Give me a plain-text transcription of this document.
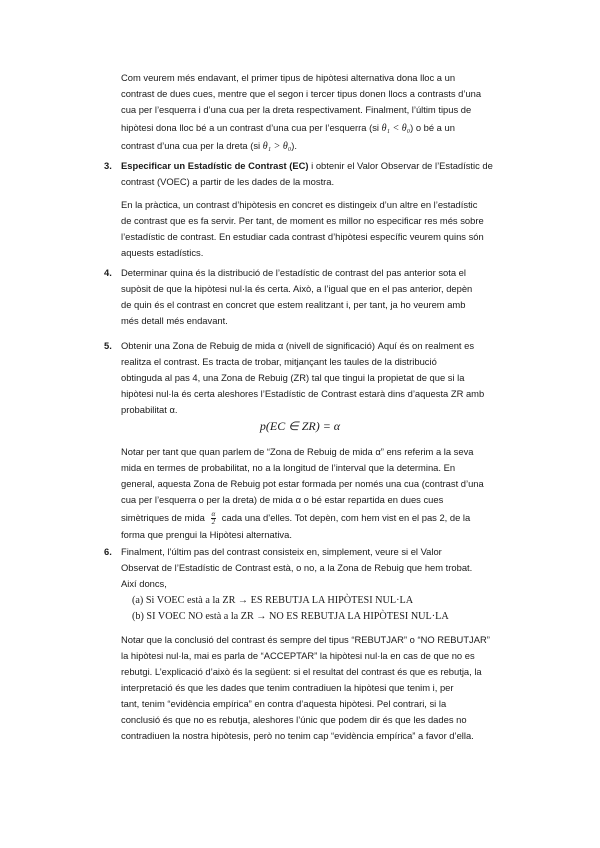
Com veurem més endavant, el primer tipus de hipòtesi alternativa dona lloc a un

contrast de dues cues, mentre que el segon i tercer tipus donen llocs a contrasts d’una

cua per l’esquerra i d’una cua per la dreta respectivament. Finalment, l’últim tipus de

hipòtesi dona lloc bé a un contrast d’una cua per l’esquerra (si θ₁ < θ₀) o bé a un

contrast d’una cua per la dreta (si θ₁ > θ₀).

3. Especificar un Estadístic de Contrast (EC) i obtenir el Valor Observar de l’Estadístic de

contrast (VOEC) a partir de les dades de la mostra.

En la pràctica, un contrast d’hipòtesis en concret es distingeix d’un altre en l’estadístic

de contrast que es fa servir. Per tant, de moment es millor no especificar res més sobre

l’estadístic de contrast. En estudiar cada contrast d’hipòtesi específic veurem quins són

aquests estadístics.

4. Determinar quina és la distribució de l’estadístic de contrast del pas anterior sota el

supòsit de que la hipòtesi nul·la és certa. Això, a l’igual que en el pas anterior, depèn

de quin és el contrast en concret que estem realitzant i, per tant, ja ho veurem amb

més detall més endavant.

5. Obtenir una Zona de Rebuig de mida α (nivell de significació) Aquí és on realment es

realitza el contrast. Es tracta de trobar, mitjançant les taules de la distribució

obtinguda al pas 4, una Zona de Rebuig (ZR) tal que tingui la propietat de que si la

hipòtesi nul·la és certa aleshores l’Estadístic de Contrast estarà dins d’aquesta ZR amb

probabilitat α.

p(EC ∈ ZR) = α

Notar per tant que quan parlem de “Zona de Rebuig de mida α” ens referim a la seva

mida en termes de probabilitat, no a la longitud de l’interval que la determina. En

general, aquesta Zona de Rebuig pot estar formada per només una cua (contrast d’una

cua per l’esquerra o per la dreta) de mida α o bé estar repartida en dues cues

simètriques de mida $\frac{\alpha}{2}$ cada una d’elles. Tot depèn, com hem vist en el pas 2, de la

forma que prengui la Hipòtesi alternativa.

6. Finalment, l’últim pas del contrast consisteix en, simplement, veure si el Valor

Observat de l’Estadístic de Contrast està, o no, a la Zona de Rebuig que hem trobat.

Així doncs,

(a) Si VOEC està a la ZR → ES REBUTJA LA HIPÒTESI NUL·LA
(b) SI VOEC NO està a la ZR → NO ES REBUTJA LA HIPÒTESI NUL·LA

Notar que la conclusió del contrast és sempre del tipus “REBUTJAR” o “NO REBUTJAR”

la hipòtesi nul·la, mai es parla de “ACCEPTAR” la hipòtesi nul·la en cas de que no es

rebutgi. L’explicació d’això és la següent: si el resultat del contrast és que es rebutja, la

interpretació és que les dades que tenim contradiuen la hipòtesi que tenim i, per

tant, tenim “evidència empírica” en contra d’aquesta hipòtesi. Pel contrari, si la

conclusió és que no es rebutja, aleshores l’únic que podem dir és que les dades no

contradiuen la nostra hipòtesis, però no tenim cap “evidència empírica” a favor d’ella.
